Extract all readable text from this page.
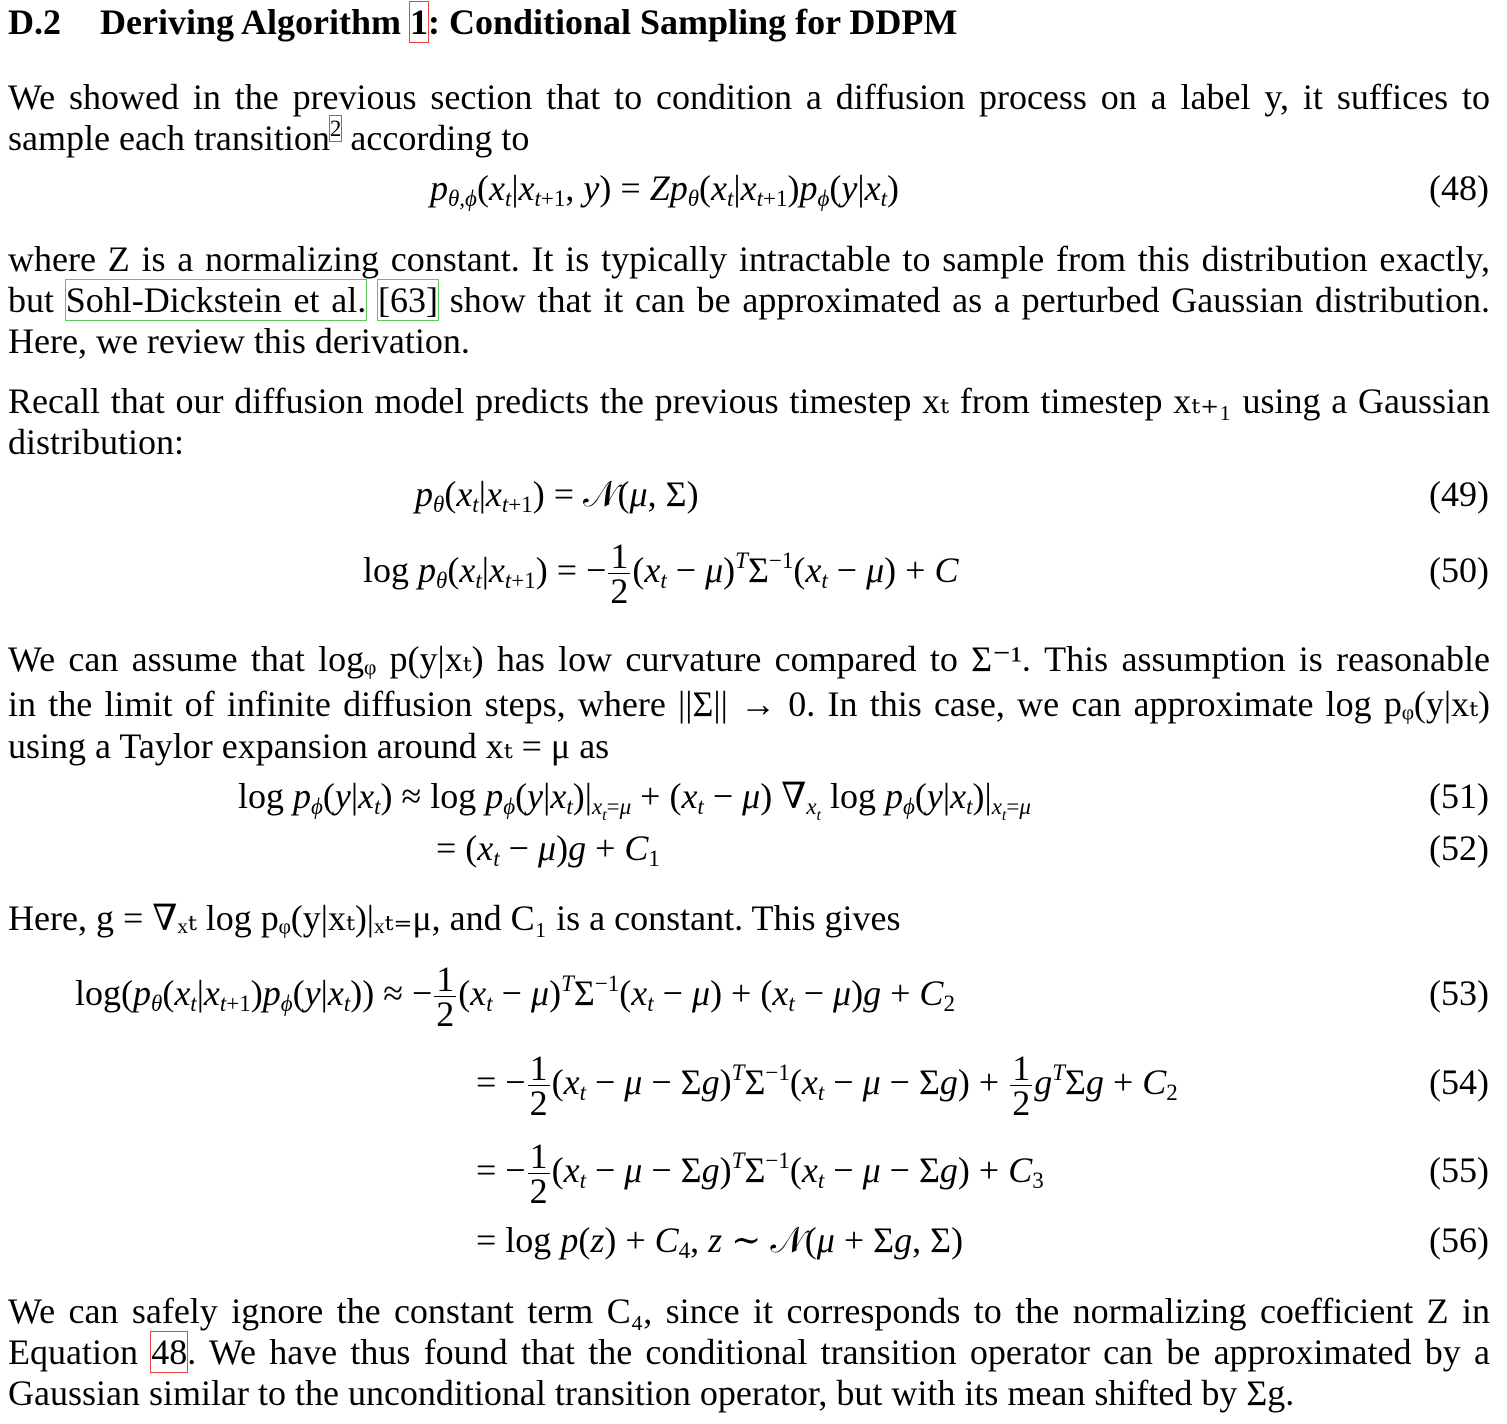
D.2 Deriving Algorithm 1: Conditional Sampling for DDPM
We showed in the previous section that to condition a diffusion process on a label y, it suffices to
sample each transition$^2$ according to
$p_{\theta,\phi}(x_t|x_{t+1}$, $y) = Zp_\theta(x_t|x_{t+1})p_\phi(y|x_t)$	(48)
where Z is a normalizing constant. It is typically intractable to sample from this distribution exactly,
but Sohl-Dickstein et al. [63] show that it can be approximated as a perturbed Gaussian distribution.
Here, we review this derivation.
Recall that our diffusion model predicts the previous timestep xₜ from timestep xₜ₊₁ using a Gaussian
distribution:
$p_\theta(x_t|x_{t+1})$ = 𝒩(μ, Σ)	(49)
$\log p_\theta(x_t|x_{t+1})$ = − $\frac{1}{2} (x_t - \mu)^T\Sigma^{-1}(x_t - \mu) + C$	(50)
We can assume that logᵩ p(y|xₜ) has low curvature compared to Σ⁻¹. This assumption is reasonable
in the limit of infinite diffusion steps, where ||Σ|| → 0. In this case, we can approximate log pᵩ(y|xₜ)
using a Taylor expansion around xₜ = μ as
$\log p_\phi(y|x_t) \approx \log p_\phi(y|x_t)|_{x_t=\mu} + (x_t - \mu)$ $\nabla_{x_t}$ $\log p_\phi(y|x_t)|_{x_t=\mu}$	(51)
= $(x_t - \mu)g + C_1$	(52)
Here, g = ∇ₓₜ log pᵩ(y|xₜ)|ₓₜ₌μ, and C₁ is a constant. This gives
$\log(p_\theta(x_t|x_{t+1})p_\phi(y|x_t))$ ≈ − $\frac{1}{2} (x_t - \mu)^T\Sigma^{-1}(x_t - \mu) + (x_t - \mu)g + C_2$	(53)
= − $\frac{1}{2} (x_t - \mu - \Sigma g)^T\Sigma^{-1}(x_t - \mu - \Sigma g) + \frac{1}{2} g^T\Sigma g + C_2$	(54)
= − $\frac{1}{2} (x_t - \mu - \Sigma g)^T\Sigma^{-1}(x_t - \mu - \Sigma g) + C_3$	(55)
= $\log p(z) + C_4$, z ∼ 𝒩(μ + Σg, Σ)	(56)
We can safely ignore the constant term C₄, since it corresponds to the normalizing coefficient Z in
Equation 48. We have thus found that the conditional transition operator can be approximated by a
Gaussian similar to the unconditional transition operator, but with its mean shifted by Σg.
